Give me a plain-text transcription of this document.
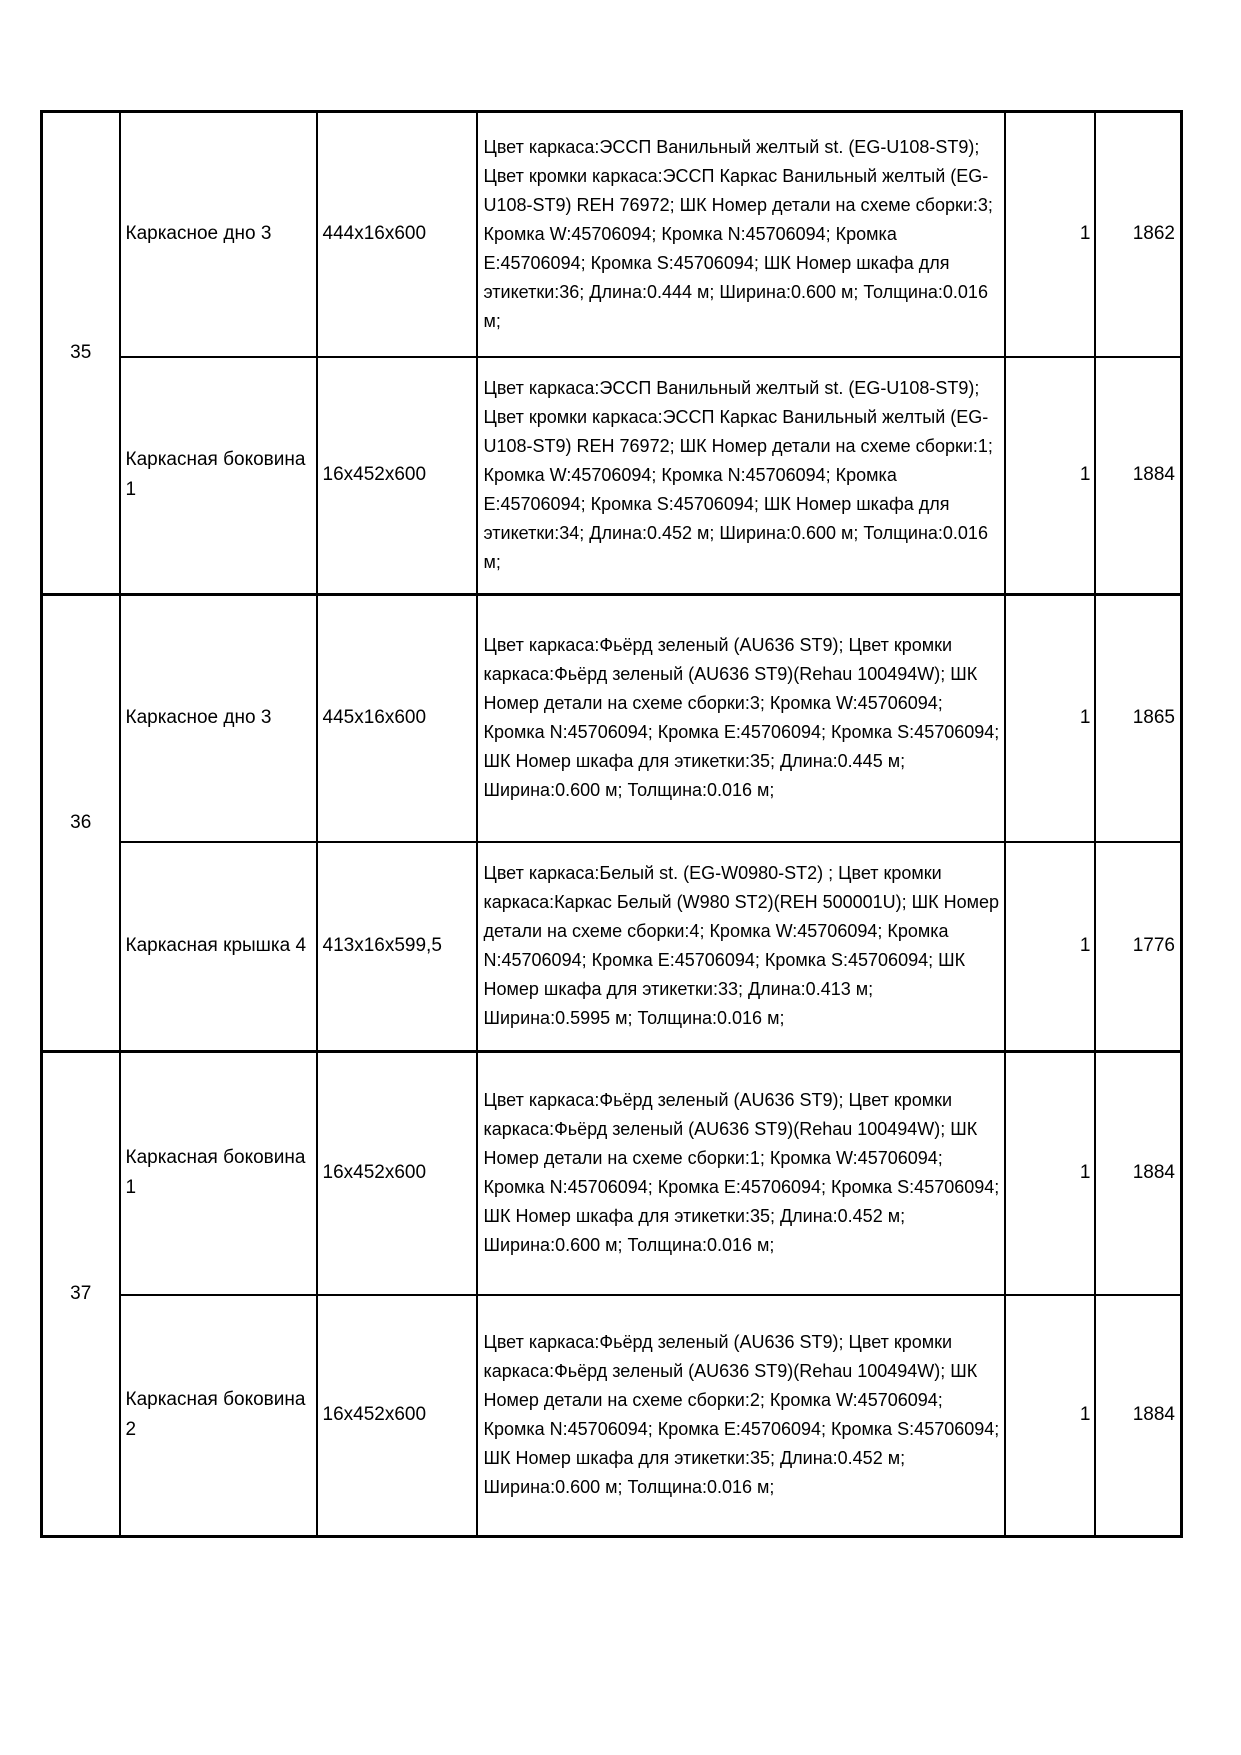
35	Каркасное дно 3	444x16x600	Цвет каркаса:ЭССП Ванильный желтый st. (EG-U108-ST9); Цвет кромки каркаса:ЭССП Каркас Ванильный желтый (EG-U108-ST9) REH 76972; ШК Номер детали на схеме сборки:3; Кромка W:45706094; Кромка N:45706094; Кромка E:45706094; Кромка S:45706094; ШК Номер шкафа для этикетки:36; Длина:0.444 м; Ширина:0.600 м; Толщина:0.016 м;	1	1862
	Каркасная боковина 1	16x452x600	Цвет каркаса:ЭССП Ванильный желтый st. (EG-U108-ST9); Цвет кромки каркаса:ЭССП Каркас Ванильный желтый (EG-U108-ST9) REH 76972; ШК Номер детали на схеме сборки:1; Кромка W:45706094; Кромка N:45706094; Кромка E:45706094; Кромка S:45706094; ШК Номер шкафа для этикетки:34; Длина:0.452 м; Ширина:0.600 м; Толщина:0.016 м;	1	1884
36	Каркасное дно 3	445x16x600	Цвет каркаса:Фьёрд зеленый (AU636 ST9); Цвет кромки каркаса:Фьёрд зеленый (AU636 ST9)(Rehau 100494W); ШК Номер детали на схеме сборки:3; Кромка W:45706094; Кромка N:45706094; Кромка E:45706094; Кромка S:45706094; ШК Номер шкафа для этикетки:35; Длина:0.445 м; Ширина:0.600 м; Толщина:0.016 м;	1	1865
	Каркасная крышка 4	413x16x599,5	Цвет каркаса:Белый st. (EG-W0980-ST2) ; Цвет кромки каркаса:Каркас Белый (W980 ST2)(REH 500001U); ШК Номер детали на схеме сборки:4; Кромка W:45706094; Кромка N:45706094; Кромка E:45706094; Кромка S:45706094; ШК Номер шкафа для этикетки:33; Длина:0.413 м; Ширина:0.5995 м; Толщина:0.016 м;	1	1776
37	Каркасная боковина 1	16x452x600	Цвет каркаса:Фьёрд зеленый (AU636 ST9); Цвет кромки каркаса:Фьёрд зеленый (AU636 ST9)(Rehau 100494W); ШК Номер детали на схеме сборки:1; Кромка W:45706094; Кромка N:45706094; Кромка E:45706094; Кромка S:45706094; ШК Номер шкафа для этикетки:35; Длина:0.452 м; Ширина:0.600 м; Толщина:0.016 м;	1	1884
	Каркасная боковина 2	16x452x600	Цвет каркаса:Фьёрд зеленый (AU636 ST9); Цвет кромки каркаса:Фьёрд зеленый (AU636 ST9)(Rehau 100494W); ШК Номер детали на схеме сборки:2; Кромка W:45706094; Кромка N:45706094; Кромка E:45706094; Кромка S:45706094; ШК Номер шкафа для этикетки:35; Длина:0.452 м; Ширина:0.600 м; Толщина:0.016 м;	1	1884
